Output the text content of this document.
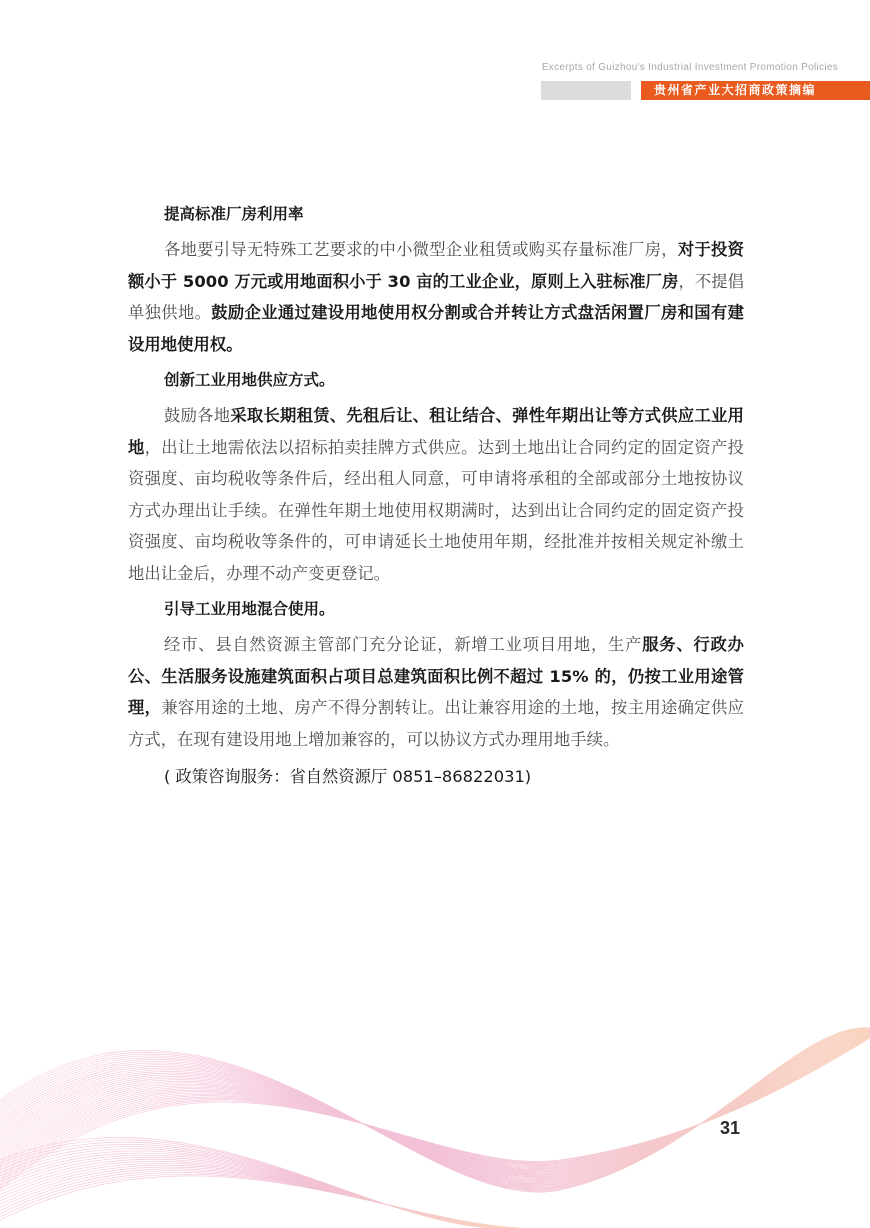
Excerpts of Guizhou's Industrial Investment Promotion Policies
贵州省产业大招商政策摘编
提高标准厂房利用率

各地要引导无特殊工艺要求的中小微型企业租赁或购买存量标准厂房，对于投资额小于 5000 万元或用地面积小于 30 亩的工业企业，原则上入驻标准厂房，不提倡单独供地。鼓励企业通过建设用地使用权分割或合并转让方式盘活闲置厂房和国有建设用地使用权。

创新工业用地供应方式。

鼓励各地采取长期租赁、先租后让、租让结合、弹性年期出让等方式供应工业用地，出让土地需依法以招标拍卖挂牌方式供应。达到土地出让合同约定的固定资产投资强度、亩均税收等条件后，经出租人同意，可申请将承租的全部或部分土地按协议方式办理出让手续。在弹性年期土地使用权期满时，达到出让合同约定的固定资产投资强度、亩均税收等条件的，可申请延长土地使用年期，经批准并按相关规定补缴土地出让金后，办理不动产变更登记。

引导工业用地混合使用。

经市、县自然资源主管部门充分论证，新增工业项目用地，生产服务、行政办公、生活服务设施建筑面积占项目总建筑面积比例不超过 15% 的，仍按工业用途管理，兼容用途的土地、房产不得分割转让。出让兼容用途的土地，按主用途确定供应方式，在现有建设用地上增加兼容的，可以协议方式办理用地手续。

( 政策咨询服务：省自然资源厅 0851–86822031)
31
